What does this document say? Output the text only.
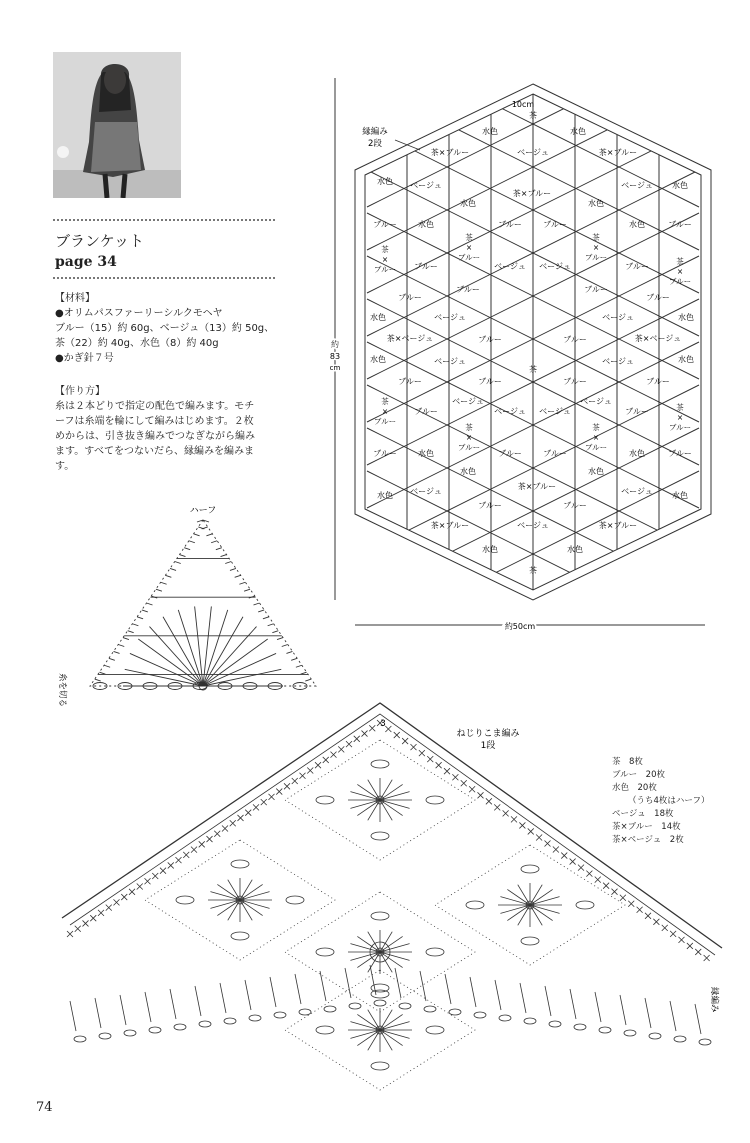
ブランケット
page 34
【材料】
●オリムパスファーリーシルクモヘヤ
ブルー（15）約 60g、ベージュ（13）約 50g、
茶（22）約 40g、水色（8）約 40g
●かぎ針７号
【作り方】
糸は２本どりで指定の配色で編みます。モチ
ーフは糸端を輪にして編みはじめます。２枚
めからは、引き抜き編みでつなぎながら編み
ます。すべてをつないだら、縁編みを編みま
す。
10cm
縁編み
2段
約
83
cm
約50cm
茶
水色	水色
茶×ブルー	ベージュ	茶×ブルー
水色 ベージュ
茶×ブルー
ベージュ 水色
水色
ブルー	ブルー
水色
ブルー	水色	水色	ブルー
ブルー	ベージュ ベージュ	ブルー
ブルー	ブルー
ブルー	ブルー
水色	ベージュ	ベージュ	水色
茶×ベージュ	茶×ベージュ
ブルー	ブルー
水色	ベージュ
茶
ベージュ	水色
ブルー	ブルー	ブルー	ブルー
ブルー	ベージュ ベージュ	ブルー
ベージュ	ベージュ
ブルー	水色	水色	ブルー
水色	水色
ブルー	ブルー
水色 ベージュ
茶×ブルー
ベージュ 水色
ブルー	ブルー
茶×ブルー	ベージュ	茶×ブルー
水色	水色
茶
茶
×
ブルー
茶
×
ブルー
茶
×
ブルー	茶
×
ブルー
茶
×
ブルー
茶
×
ブルー
茶
×
ブルー
茶
×
ブルー
ハーフ
糸を切る
3
ねじりこま編み
1段
縁編み
茶　8枚
ブルー　20枚
水色　20枚
（うち4枚はハーフ）
ベージュ　18枚
茶×ブルー　14枚
茶×ベージュ　2枚
74
